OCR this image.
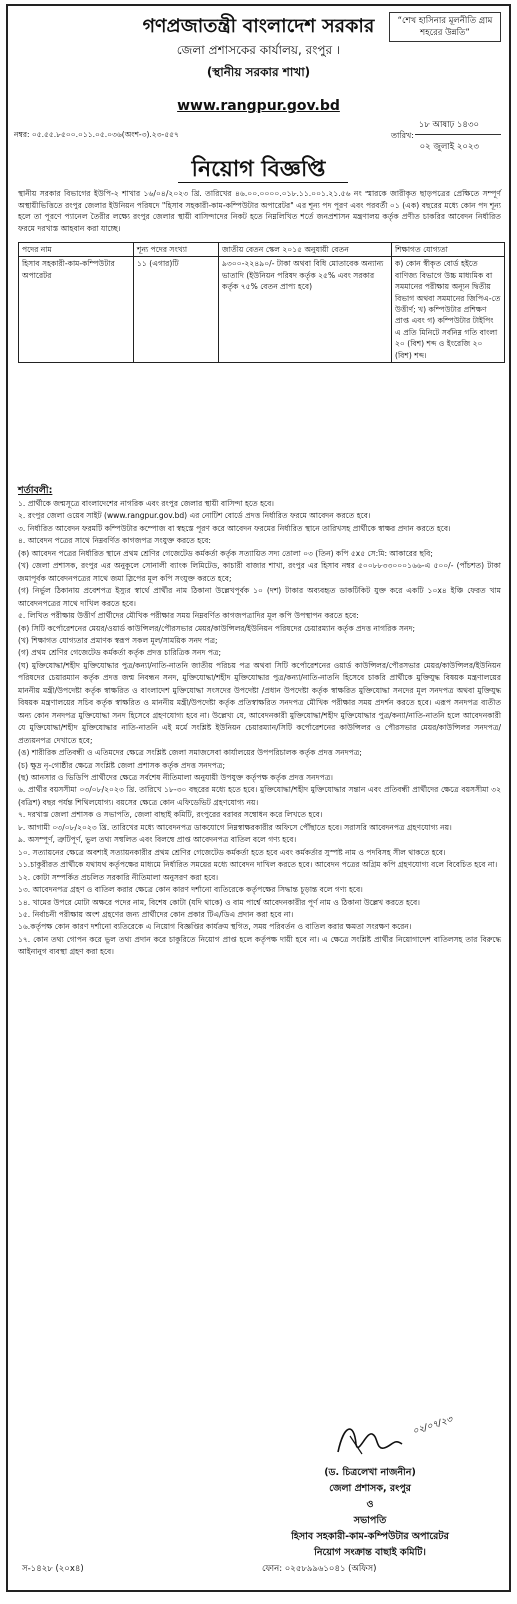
গণপ্রজাতন্ত্রী বাংলাদেশ সরকার
জেলা প্রশাসকের কার্যালয়, রংপুর ।
(স্থানীয় সরকার শাখা)
www.rangpur.gov.bd
“শেখ হাসিনার মূলনীতি গ্রাম শহরের উন্নতি”
১৮ আষাঢ় ১৪৩০
তারিখ:
নম্বর: ০৫.৫৫.৮৫০০.০১১.০৫.০৩৬(অংশ-৩).২৩-৫৫৭
০২ জুলাই ২০২৩
নিয়োগ বিজ্ঞপ্তি
স্থানীয় সরকার বিভাগের ইউপি-২ শাখার ১৬/০৪/২০২৩ খ্রি. তারিখের ৪৬.০০.০০০০.০১৮.১১.০০১.২১.৫৬ নং স্মারকে জারীকৃত ছাড়পত্রের প্রেক্ষিতে সম্পূর্ণ অস্থায়ীভিত্তিতে রংপুর জেলার ইউনিয়ন পরিষদে "হিসাব সহকারী-কাম-কম্পিউটার অপারেটর" এর শূন্য পদ পূরণ এবং পরবর্তী ০১ (এক) বছরের মধ্যে কোন পদ শূন্য হলে তা পূরণে প্যানেল তৈরীর লক্ষ্যে রংপুর জেলার স্থায়ী বাসিন্দাদের নিকট হতে নিম্নলিখিত শর্তে জনপ্রশাসন মন্ত্রণালয় কর্তৃক প্রণীত চাকরির আবেদন নির্ধারিত ফরমে দরখাস্ত আহবান করা যাচ্ছে।
পদের নাম	শূন্য পদের সংখ্যা	জাতীয় বেতন স্কেল ২০১৫ অনুযায়ী বেতন	শিক্ষাগত যোগ্যতা
হিসাব সহকারী-কাম-কম্পিউটার অপারেটর	১১ (এগার)টি	৯৩০০-২২৪৯০/- টাকা অথবা বিধি মোতাবেক অন্যান্য ভাতাদি (ইউনিয়ন পরিষদ কর্তৃক ২৫% এবং সরকার কর্তৃক ৭৫% বেতন প্রাপ্য হবে)	ক) কোন স্বীকৃত বোর্ড হইতে বাণিজ্য বিভাগে উচ্চ মাধ্যমিক বা সমমানের পরীক্ষায় অন্যূন দ্বিতীয় বিভাগ অথবা সমমানের জিপিএ-তে উত্তীর্ণ; খ) কম্পিউটার প্রশিক্ষণ প্রাপ্ত এবং গ) কম্পিউটার টাইপিং এ প্রতি মিনিটে সর্বনিম্ন গতি বাংলা ২০ (বিশ) শব্দ ও ইংরেজি ২০ (বিশ) শব্দ।
শর্তাবলী:
১. প্রার্থীকে জন্মসূত্রে বাংলাদেশের নাগরিক এবং রংপুর জেলার স্থায়ী বাসিন্দা হতে হবে।
২. রংপুর জেলা ওয়েব সাইট (www.rangpur.gov.bd) এর নোটিশ বোর্ডে প্রদত্ত নির্ধারিত ফরমে আবেদন করতে হবে।
৩. নির্ধারিত আবেদন ফরমটি কম্পিউটার কম্পোজ বা স্বহস্তে পূরণ করে আবেদন ফরমের নির্ধারিত স্থানে তারিখসহ প্রার্থীকে স্বাক্ষর প্রদান করতে হবে।
৪. আবেদন পত্রের সাথে নিম্নবর্ণিত কাগজপত্র সংযুক্ত করতে হবে:
(ক) আবেদন পত্রের নির্ধারিত স্থানে প্রথম শ্রেণির গেজেটেড কর্মকর্তা কর্তৃক সত্যায়িত সদ্য তোলা ০৩ (তিন) কপি ৫x৫ সে:মি: আকারের ছবি;
(খ) জেলা প্রশাসক, রংপুর এর অনুকূলে সোনালী ব্যাংক লিমিটেড, কাচারী বাজার শাখা, রংপুর এর হিসাব নম্বর ৫০০৮৮৩৩০০০১৬৬-এ ৫০০/- (পাঁচশত) টাকা জমাপূর্বক আবেদনপত্রের সাথে জমা স্লিপের মূল কপি সংযুক্ত করতে হবে;
(গ) নির্ভুল ঠিকানায় প্রবেশপত্র ইস্যুর স্বার্থে প্রার্থীর নাম ঠিকানা উল্লেখপূর্বক ১০ (দশ) টাকার অব্যবহৃত ডাকটিকিট যুক্ত করে একটি ১০x৪ ইঞ্চি ফেরত খাম আবেদনপত্রের সাথে দাখিল করতে হবে।
৫. লিখিত পরীক্ষায় উত্তীর্ণ প্রার্থীদের মৌখিক পরীক্ষার সময় নিম্নবর্ণিত কাগজপত্রাদির মূল কপি উপস্থাপন করতে হবে:
(ক) সিটি কর্পোরেশনের মেয়র/ওয়ার্ড কাউন্সিলর/পৌরসভার মেয়র/কাউন্সিলর/ইউনিয়ন পরিষদের চেয়ারম্যান কর্তৃক প্রদত্ত নাগরিক সনদ;
(খ) শিক্ষাগত যোগ্যতার প্রমাণক স্বরূপ সকল মূল/সাময়িক সনদ পত্র;
(গ) প্রথম শ্রেণির গেজেটেড কর্মকর্তা কর্তৃক প্রদত্ত চারিত্রিক সনদ পত্র;
(ঘ) মুক্তিযোদ্ধা/শহীদ মুক্তিযোদ্ধার পুত্র/কন্যা/নাতি-নাতনি জাতীয় পরিচয় পত্র অথবা সিটি কর্পোরেশনের ওয়ার্ড কাউন্সিলর/পৌরসভার মেয়র/কাউন্সিলর/ইউনিয়ন পরিষদের চেয়ারম্যান কর্তৃক প্রদত্ত জন্ম নিবন্ধন সনদ, মুক্তিযোদ্ধা/শহীদ মুক্তিযোদ্ধার পুত্র/কন্যা/নাতি-নাতনি হিসেবে চাকরি প্রার্থীকে মুক্তিযুদ্ধ বিষয়ক মন্ত্রণালয়ের মাননীয় মন্ত্রী/উপদেষ্টা কর্তৃক স্বাক্ষরিত ও বাংলাদেশ মুক্তিযোদ্ধা সংসদের উপদেষ্টা /প্রধান উপদেষ্টা কর্তৃক স্বাক্ষরিত মুক্তিযোদ্ধা সনদের মূল সনদপত্র অথবা মুক্তিযুদ্ধ বিষয়ক মন্ত্রণালয়ের সচিব কর্তৃক স্বাক্ষরিত ও মাননীয় মন্ত্রী/উপদেষ্টা কর্তৃক প্রতিস্বাক্ষরিত সনদপত্র মৌখিক পরীক্ষার সময় প্রদর্শন করতে হবে। এরূপ সনদপত্র ব্যতীত অন্য কোন সনদপত্র মুক্তিযোদ্ধা সনদ হিসেবে গ্রহণযোগ্য হবে না। উল্লেখ্য যে, আবেদনকারী মুক্তিযোদ্ধা/শহীদ মুক্তিযোদ্ধার পুত্র/কন্যা/নাতি-নাতনি হলে আবেদনকারী যে মুক্তিযোদ্ধা/শহীদ মুক্তিযোদ্ধার নাতি-নাতনি এই মর্মে সংশ্লিষ্ট ইউনিয়ন চেয়ারম্যান/সিটি কর্পোরেশনের কাউন্সিলর ও পৌরসভার মেয়র/কাউন্সিলর সনদপত্র/প্রত্যয়নপত্র দেখাতে হবে;
(ঙ) শারীরিক প্রতিবন্ধী ও এতিমদের ক্ষেত্রে সংশ্লিষ্ট জেলা সমাজসেবা কার্যালয়ের উপপরিচালক কর্তৃক প্রদত্ত সনদপত্র;
(চ) ক্ষুদ্র নৃ-গোষ্ঠীর ক্ষেত্রে সংশ্লিষ্ট জেলা প্রশাসক কর্তৃক প্রদত্ত সনদপত্র;
(ছ) আনসার ও ভিডিপি প্রার্থীদের ক্ষেত্রে সর্বশেষ নীতিমালা অনুযায়ী উপযুক্ত কর্তৃপক্ষ কর্তৃক প্রদত্ত সনদপত্র।
৬. প্রার্থীর বয়সসীমা ০৩/০৮/২০২৩ খ্রি. তারিখে ১৮-৩০ বছরের মধ্যে হতে হবে। মুক্তিযোদ্ধা/শহীদ মুক্তিযোদ্ধার সন্তান এবং প্রতিবন্ধী প্রার্থীদের ক্ষেত্রে বয়সসীমা ৩২ (বত্রিশ) বছর পর্যন্ত শিথিলযোগ্য। বয়সের ক্ষেত্রে কোন এফিডেভিট গ্রহণযোগ্য নয়।
৭. দরখাস্ত জেলা প্রশাসক ও সভাপতি, জেলা বাছাই কমিটি, রংপুরের বরাবর সম্বোধন করে লিখতে হবে।
৮. আগামী ০৩/০৮/২০২৩ খ্রি. তারিখের মধ্যে আবেদনপত্র ডাকযোগে নিম্নস্বাক্ষরকারীর অফিসে পৌঁছাতে হবে। সরাসরি আবেদনপত্র গ্রহণযোগ্য নয়।
৯. অসম্পূর্ণ, ত্রুটিপূর্ণ, ভুল তথ্য সম্বলিত এবং বিলম্বে প্রাপ্ত আবেদনপত্র বাতিল বলে গণ্য হবে।
১০. সত্যায়নের ক্ষেত্রে অবশ্যই সত্যায়নকারীর প্রথম শ্রেণির গেজেটেড কর্মকর্তা হতে হবে এবং কর্মকর্তার সুস্পষ্ট নাম ও পদবিসহ সীল থাকতে হবে।
১১.চাকুরীরত প্রার্থীকে যথাযথ কর্তৃপক্ষের মাধ্যমে নির্ধারিত সময়ের মধ্যে আবেদন দাখিল করতে হবে। আবেদন পত্রের অগ্রিম কপি গ্রহণযোগ্য বলে বিবেচিত হবে না।
১২. কোটা সম্পর্কিত প্রচলিত সরকারি নীতিমালা অনুসরণ করা হবে।
১৩. আবেদনপত্র গ্রহণ ও বাতিল করার ক্ষেত্রে কোন কারণ দর্শানো ব্যতিরেকে কর্তৃপক্ষের সিদ্ধান্ত চূড়ান্ত বলে গণ্য হবে।
১৪. খামের উপরে মোটা অক্ষরে পদের নাম, বিশেষ কোটা (যদি থাকে) ও বাম পার্শ্বে আবেদনকারীর পূর্ণ নাম ও ঠিকানা উল্লেখ করতে হবে।
১৫. নির্বাচনী পরীক্ষায় অংশ গ্রহণের জন্য প্রার্থীদের কোন প্রকার টিএ/ডিএ প্রদান করা হবে না।
১৬.কর্তৃপক্ষ কোন কারণ দর্শানো ব্যতিরেকে এ নিয়োগ বিজ্ঞপ্তির কার্যক্রম স্থগিত, সময় পরিবর্তন ও বাতিল করার ক্ষমতা সংরক্ষণ করেন।
১৭. কোন তথ্য গোপন করে ভুল তথ্য প্রদান করে চাকুরিতে নিয়োগ প্রাপ্ত হলে কর্তৃপক্ষ দায়ী হবে না। এ ক্ষেত্রে সংশ্লিষ্ট প্রার্থীর নিয়োগাদেশ বাতিলসহ তার বিরুদ্ধে আইনানুগ ব্যবস্থা গ্রহণ করা হবে।
০২/০৭/২৩
(ড. চিত্রলেখা নাজনীন)
জেলা প্রশাসক, রংপুর
ও
সভাপতি
হিসাব সহকারী-কাম-কম্পিউটার অপারেটর
নিয়োগ সংক্রান্ত বাছাই কমিটি।
স-১৪২৮ (২০x৪)	ফোন: ০২৫৮৯৯৬১০৪১ (অফিস)
